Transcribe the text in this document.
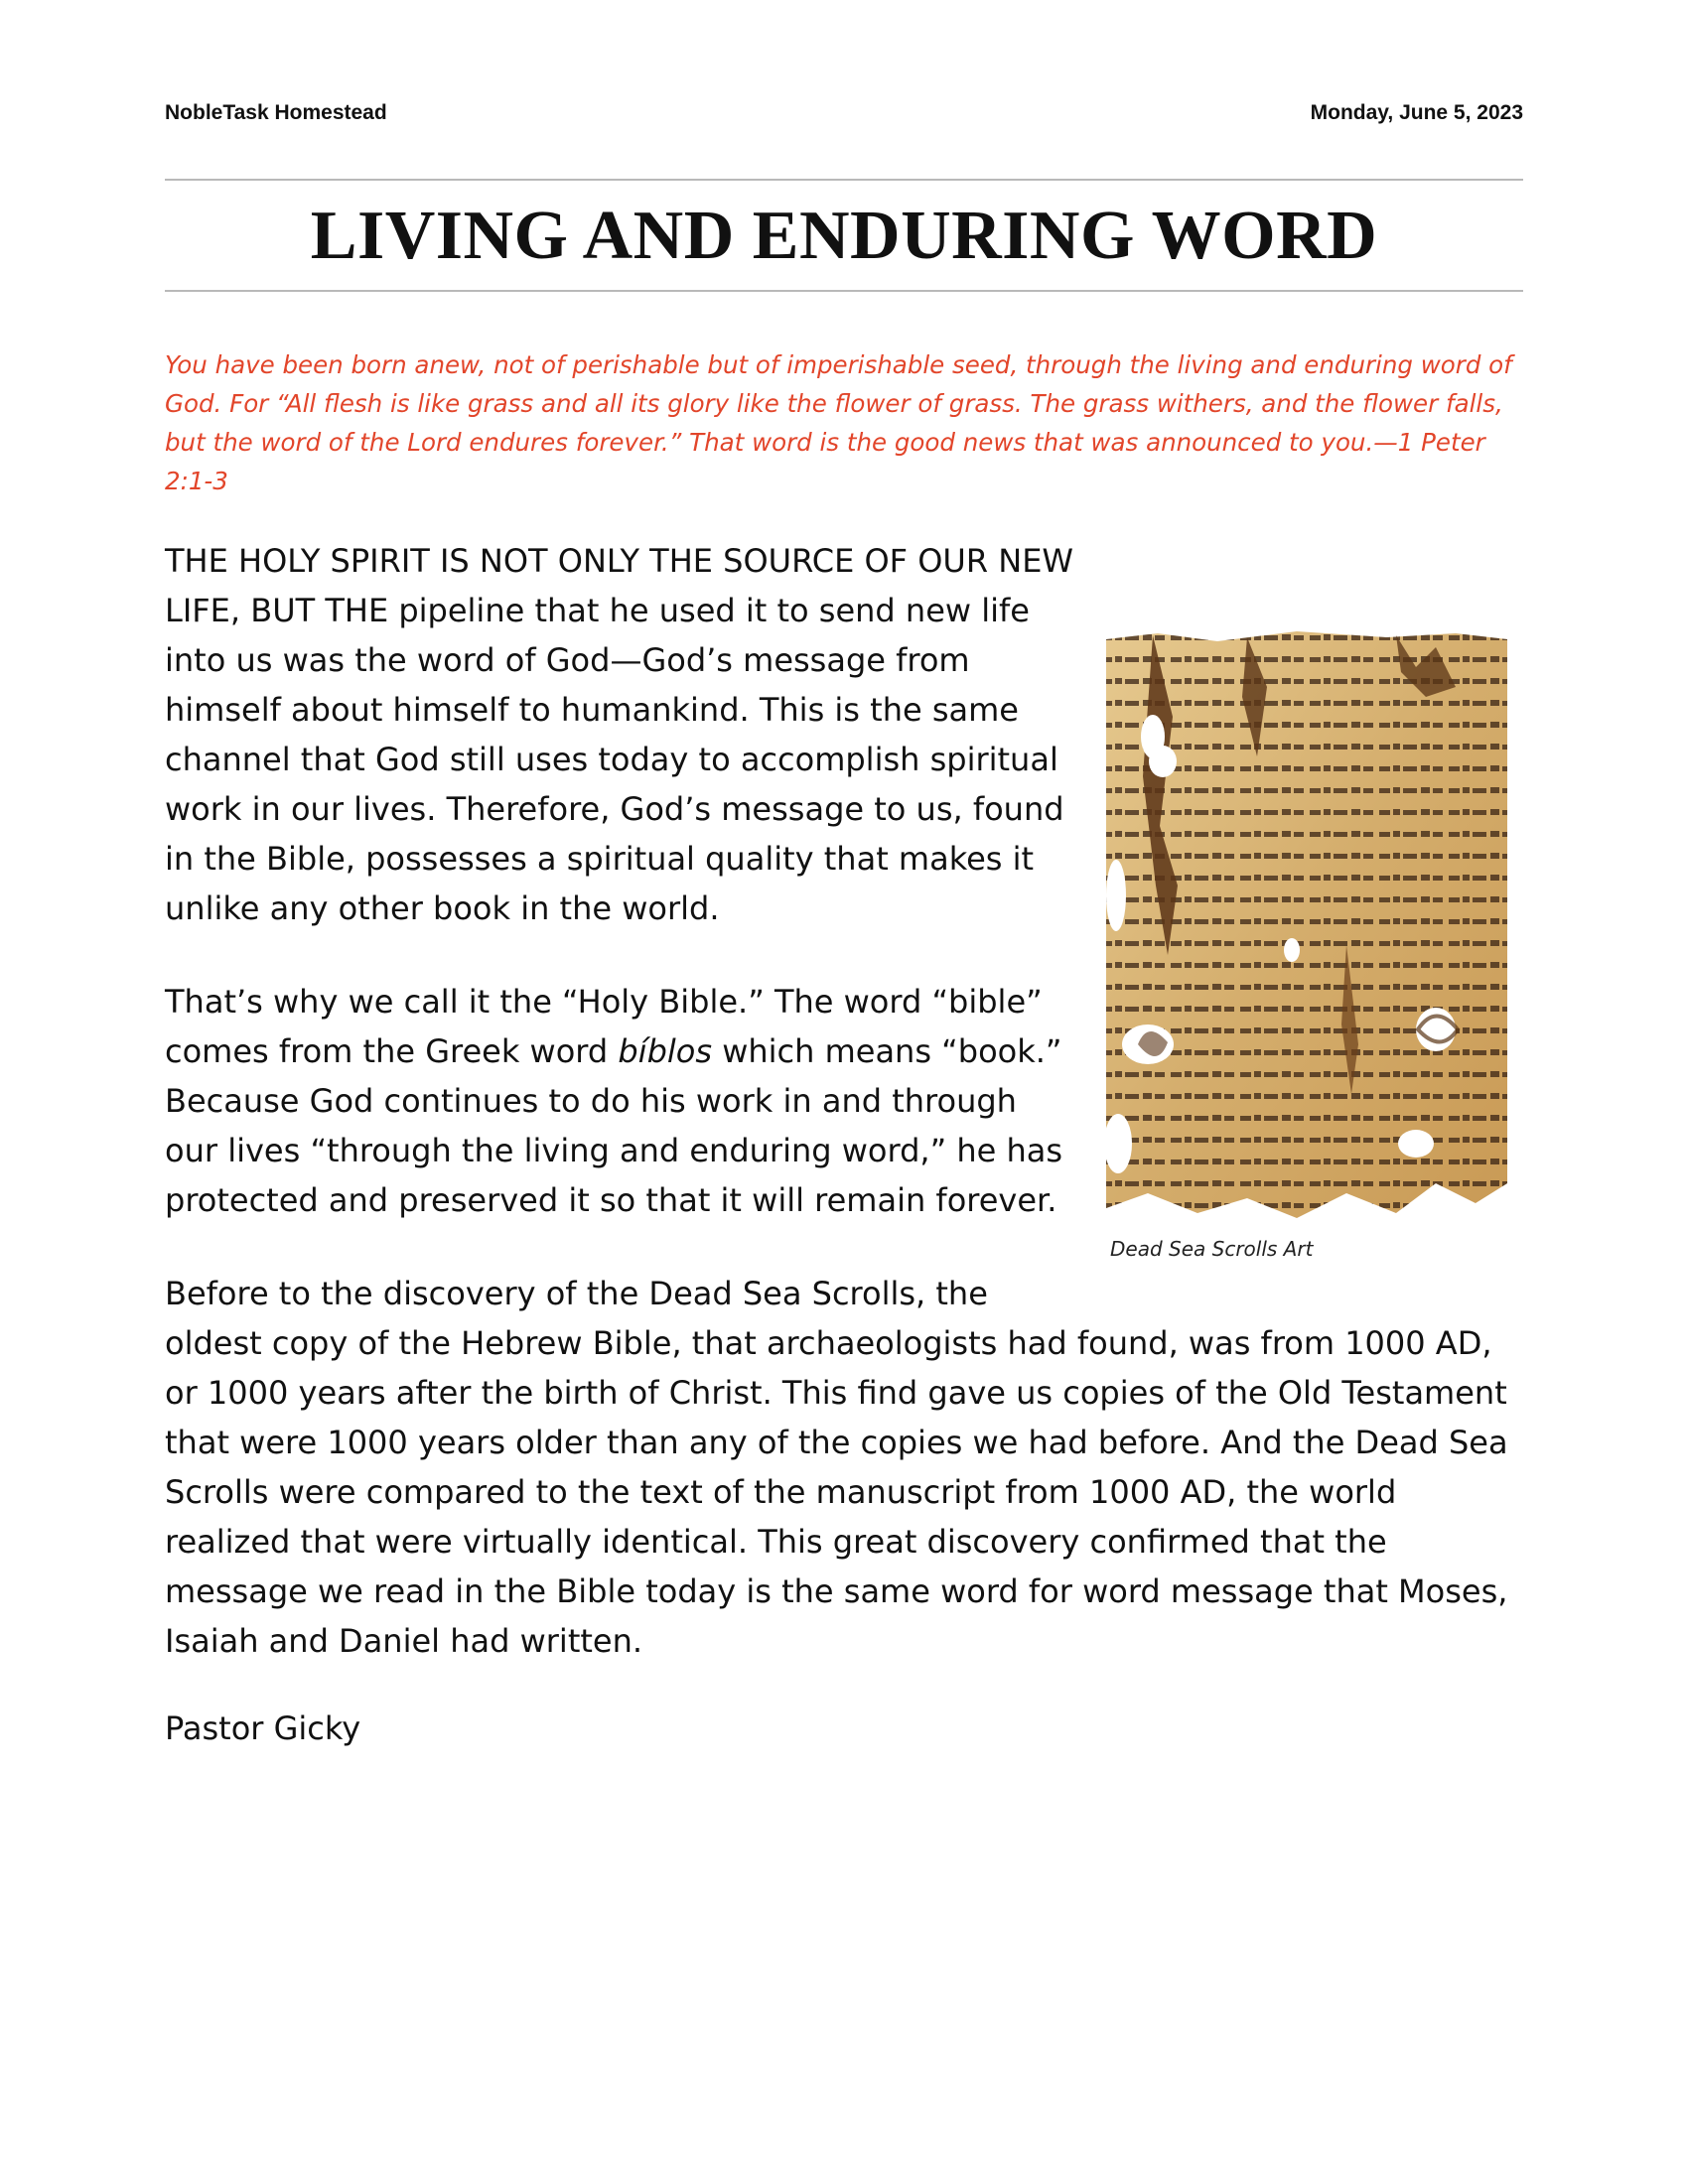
NobleTask Homestead	Monday, June 5, 2023
LIVING AND ENDURING WORD
You have been born anew, not of perishable but of imperishable seed, through the living and enduring word of God. For “All flesh is like grass and all its glory like the flower of grass. The grass withers, and the flower falls, but the word of the Lord endures forever.” That word is the good news that was announced to you.—1 Peter 2:1-3
Dead Sea Scrolls Art

THE HOLY SPIRIT IS NOT ONLY THE SOURCE OF OUR NEW LIFE, BUT THE pipeline that he used it to send new life into us was the word of God—God’s message from himself about himself to humankind. This is the same channel that God still uses today to accomplish spiritual work in our lives. Therefore, God’s message to us, found in the Bible, possesses a spiritual quality that makes it unlike any other book in the world.

That’s why we call it the “Holy Bible.” The word “bible” comes from the Greek word bíblos which means “book.” Because God continues to do his work in and through our lives “through the living and enduring word,” he has protected and preserved it so that it will remain forever.

Before to the discovery of the Dead Sea Scrolls, the oldest copy of the Hebrew Bible, that archaeologists had found, was from 1000 AD, or 1000 years after the birth of Christ. This find gave us copies of the Old Testament that were 1000 years older than any of the copies we had before. And the Dead Sea Scrolls were compared to the text of the manuscript from 1000 AD, the world realized that were virtually identical. This great discovery confirmed that the message we read in the Bible today is the same word for word message that Moses, Isaiah and Daniel had written.

Pastor Gicky
